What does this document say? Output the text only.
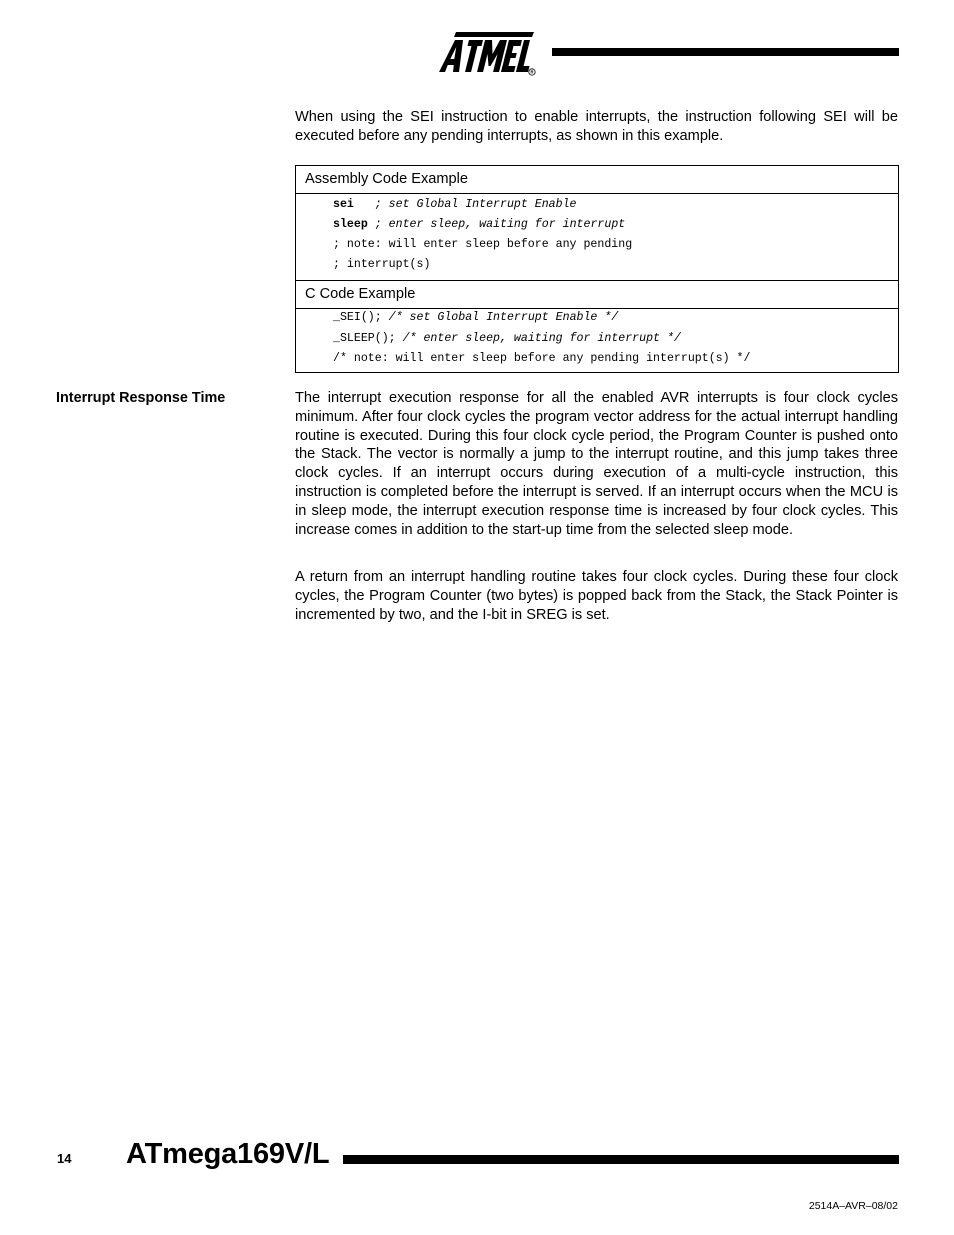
R

When using the SEI instruction to enable interrupts, the instruction following SEI will be executed before any pending interrupts, as shown in this example.

Assembly Code Example
sei ; set Global Interrupt Enable
sleep ; enter sleep, waiting for interrupt
; note: will enter sleep before any pending
; interrupt(s)
C Code Example
_SEI(); /* set Global Interrupt Enable */
_SLEEP(); /* enter sleep, waiting for interrupt */
/* note: will enter sleep before any pending interrupt(s) */

Interrupt Response Time	The interrupt execution response for all the enabled AVR interrupts is four clock cycles minimum. After four clock cycles the program vector address for the actual interrupt handling routine is executed. During this four clock cycle period, the Program Counter is pushed onto the Stack. The vector is normally a jump to the interrupt routine, and this jump takes three clock cycles. If an interrupt occurs during execution of a multi-cycle instruction, this instruction is completed before the interrupt is served. If an interrupt occurs when the MCU is in sleep mode, the interrupt execution response time is increased by four clock cycles. This increase comes in addition to the start-up time from the selected sleep mode.

A return from an interrupt handling routine takes four clock cycles. During these four clock cycles, the Program Counter (two bytes) is popped back from the Stack, the Stack Pointer is incremented by two, and the I-bit in SREG is set.

14 ATmega169V/L
2514A–AVR–08/02
